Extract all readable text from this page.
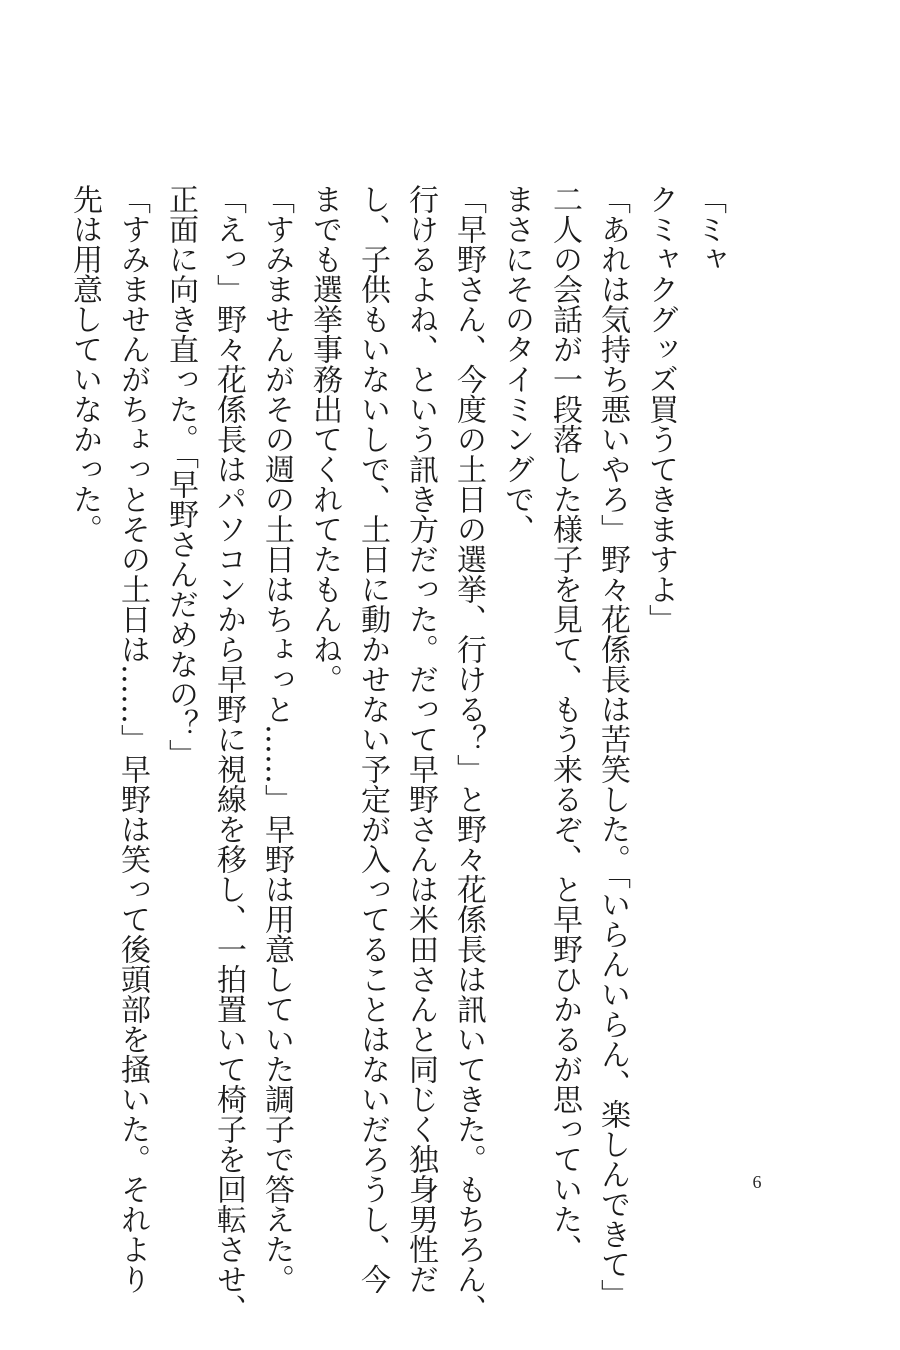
「ミャ

クミャクグッズ買うてきますよ」

「あれは気持ち悪いやろ」野々花係長は苦笑した。「いらんいらん、楽しんできて」

二人の会話が一段落した様子を見て、もう来るぞ、と早野ひかるが思っていた、

まさにそのタイミングで、

「早野さん、今度の土日の選挙、行ける？」と野々花係長は訊いてきた。もちろん、

行けるよね、という訊き方だった。だって早野さんは米田さんと同じく独身男性だ

し、子供もいないしで、土日に動かせない予定が入ってることはないだろうし、今

までも選挙事務出てくれてたもんね。

「すみませんがその週の土日はちょっと……」早野は用意していた調子で答えた。

「えっ」野々花係長はパソコンから早野に視線を移し、一拍置いて椅子を回転させ、

正面に向き直った。「早野さんだめなの？」

「すみませんがちょっとその土日は……」早野は笑って後頭部を掻いた。それより

先は用意していなかった。

6
